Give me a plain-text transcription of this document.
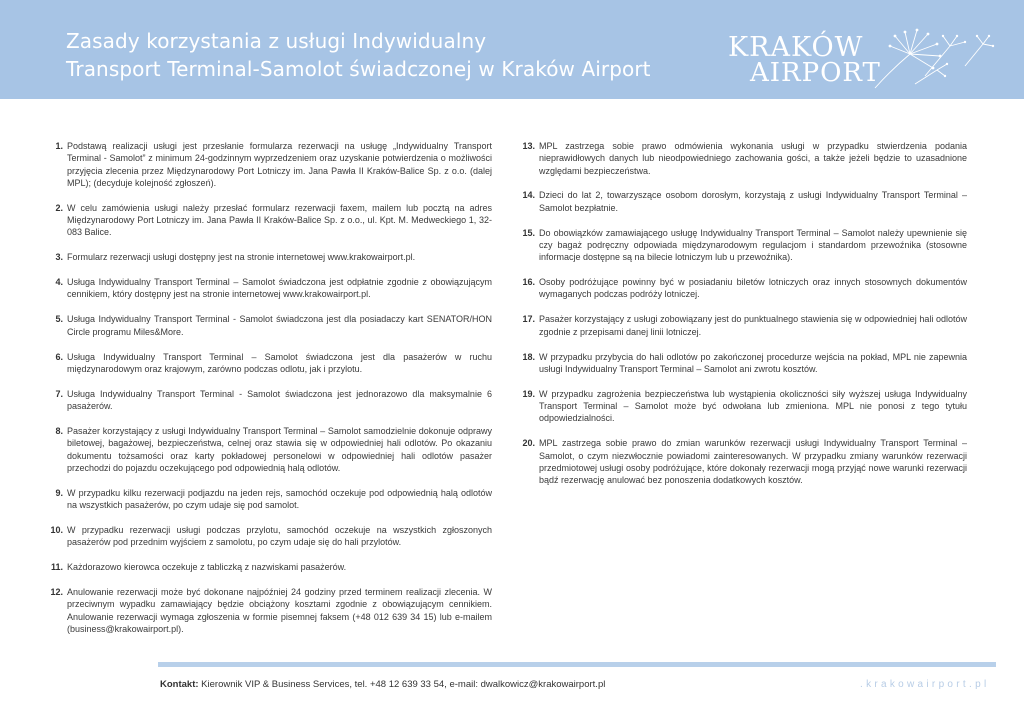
Zasady korzystania z usługi Indywidualny
Transport Terminal-Samolot świadczonej w Kraków Airport
KRAKÓW
AIRPORT
1. Podstawą realizacji usługi jest przesłanie formularza rezerwacji na usługę „Indywidualny Transport Terminal - Samolot” z minimum 24-godzinnym wyprzedzeniem oraz uzyskanie potwierdzenia o możliwości przyjęcia zlecenia przez Międzynarodowy Port Lotniczy im. Jana Pawła II Kraków-Balice Sp. z o.o. (dalej MPL); (decyduje kolejność zgłoszeń).
2. W celu zamówienia usługi należy przesłać formularz rezerwacji faxem, mailem lub pocztą na adres Międzynarodowy Port Lotniczy im. Jana Pawła II Kraków-Balice Sp. z o.o., ul. Kpt. M. Medweckiego 1, 32-083 Balice.
3. Formularz rezerwacji usługi dostępny jest na stronie internetowej www.krakowairport.pl.
4. Usługa Indywidualny Transport Terminal – Samolot świadczona jest odpłatnie zgodnie z obowiązującym cennikiem, który dostępny jest na stronie internetowej www.krakowairport.pl.
5. Usługa Indywidualny Transport Terminal - Samolot świadczona jest dla posiadaczy kart SENATOR/HON Circle programu Miles&More.
6. Usługa Indywidualny Transport Terminal – Samolot świadczona jest dla pasażerów w ruchu międzynarodowym oraz krajowym, zarówno podczas odlotu, jak i przylotu.
7. Usługa Indywidualny Transport Terminal - Samolot świadczona jest jednorazowo dla maksymalnie 6 pasażerów.
8. Pasażer korzystający z usługi Indywidualny Transport Terminal – Samolot samodzielnie dokonuje odprawy biletowej, bagażowej, bezpieczeństwa, celnej oraz stawia się w odpowiedniej hali odlotów. Po okazaniu dokumentu tożsamości oraz karty pokładowej personelowi w odpowiedniej hali odlotów pasażer przechodzi do pojazdu oczekującego pod odpowiednią halą odlotów.
9. W przypadku kilku rezerwacji podjazdu na jeden rejs, samochód oczekuje pod odpowiednią halą odlotów na wszystkich pasażerów, po czym udaje się pod samolot.
10. W przypadku rezerwacji usługi podczas przylotu, samochód oczekuje na wszystkich zgłoszonych pasażerów pod przednim wyjściem z samolotu, po czym udaje się do hali przylotów.
11. Każdorazowo kierowca oczekuje z tabliczką z nazwiskami pasażerów.
12. Anulowanie rezerwacji może być dokonane najpóźniej 24 godziny przed terminem realizacji zlecenia. W przeciwnym wypadku zamawiający będzie obciążony kosztami zgodnie z obowiązującym cennikiem. Anulowanie rezerwacji wymaga zgłoszenia w formie pisemnej faksem (+48 012 639 34 15) lub e-mailem (business@krakowairport.pl).
13. MPL zastrzega sobie prawo odmówienia wykonania usługi w przypadku stwierdzenia podania nieprawidłowych danych lub nieodpowiedniego zachowania gości, a także jeżeli będzie to uzasadnione względami bezpieczeństwa.
14. Dzieci do lat 2, towarzyszące osobom dorosłym, korzystają z usługi Indywidualny Transport Terminal – Samolot bezpłatnie.
15. Do obowiązków zamawiającego usługę Indywidualny Transport Terminal – Samolot należy upewnienie się czy bagaż podręczny odpowiada międzynarodowym regulacjom i standardom przewoźnika (stosowne informacje dostępne są na bilecie lotniczym lub u przewoźnika).
16. Osoby podróżujące powinny być w posiadaniu biletów lotniczych oraz innych stosownych dokumentów wymaganych podczas podróży lotniczej.
17. Pasażer korzystający z usługi zobowiązany jest do punktualnego stawienia się w odpowiedniej hali odlotów zgodnie z przepisami danej linii lotniczej.
18. W przypadku przybycia do hali odlotów po zakończonej procedurze wejścia na pokład, MPL nie zapewnia usługi Indywidualny Transport Terminal – Samolot ani zwrotu kosztów.
19. W przypadku zagrożenia bezpieczeństwa lub wystąpienia okoliczności siły wyższej usługa Indywidualny Transport Terminal – Samolot może być odwołana lub zmieniona. MPL nie ponosi z tego tytułu odpowiedzialności.
20. MPL zastrzega sobie prawo do zmian warunków rezerwacji usługi Indywidualny Transport Terminal – Samolot, o czym niezwłocznie powiadomi zainteresowanych. W przypadku zmiany warunków rezerwacji przedmiotowej usługi osoby podróżujące, które dokonały rezerwacji mogą przyjąć nowe warunki rezerwacji bądź rezerwację anulować bez ponoszenia dodatkowych kosztów.
Kontakt: Kierownik VIP & Business Services, tel. +48 12 639 33 54, e-mail: dwalkowicz@krakowairport.pl	.krakowairport.pl
